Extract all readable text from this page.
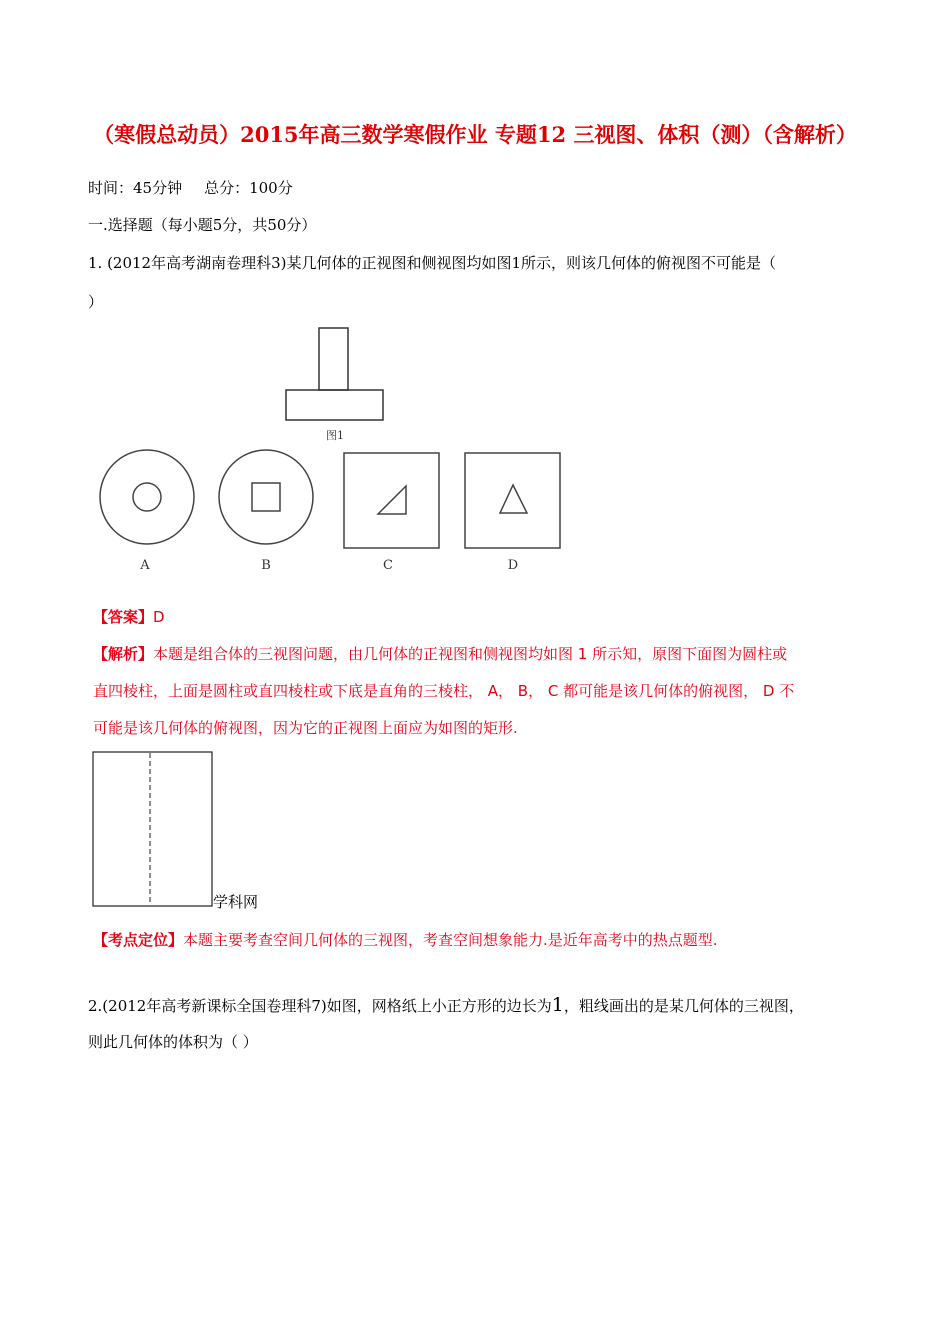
（寒假总动员）2015年高三数学寒假作业 专题12 三视图、体积（测）（含解析）
时间：45分钟 总分：100分
一.选择题（每小题5分，共50分）
1. (2012年高考湖南卷理科3)某几何体的正视图和侧视图均如图1所示，则该几何体的俯视图不可能是（
）
图1
A	B	C	D
【答案】D
【解析】本题是组合体的三视图问题，由几何体的正视图和侧视图均如图 1 所示知，原图下面图为圆柱或
直四棱柱，上面是圆柱或直四棱柱或下底是直角的三棱柱， A， B， C 都可能是该几何体的俯视图， D 不
可能是该几何体的俯视图，因为它的正视图上面应为如图的矩形.
学科网
【考点定位】本题主要考查空间几何体的三视图，考查空间想象能力.是近年高考中的热点题型.
2.(2012年高考新课标全国卷理科7)如图，网格纸上小正方形的边长为1，粗线画出的是某几何体的三视图，
则此几何体的体积为（ ）
